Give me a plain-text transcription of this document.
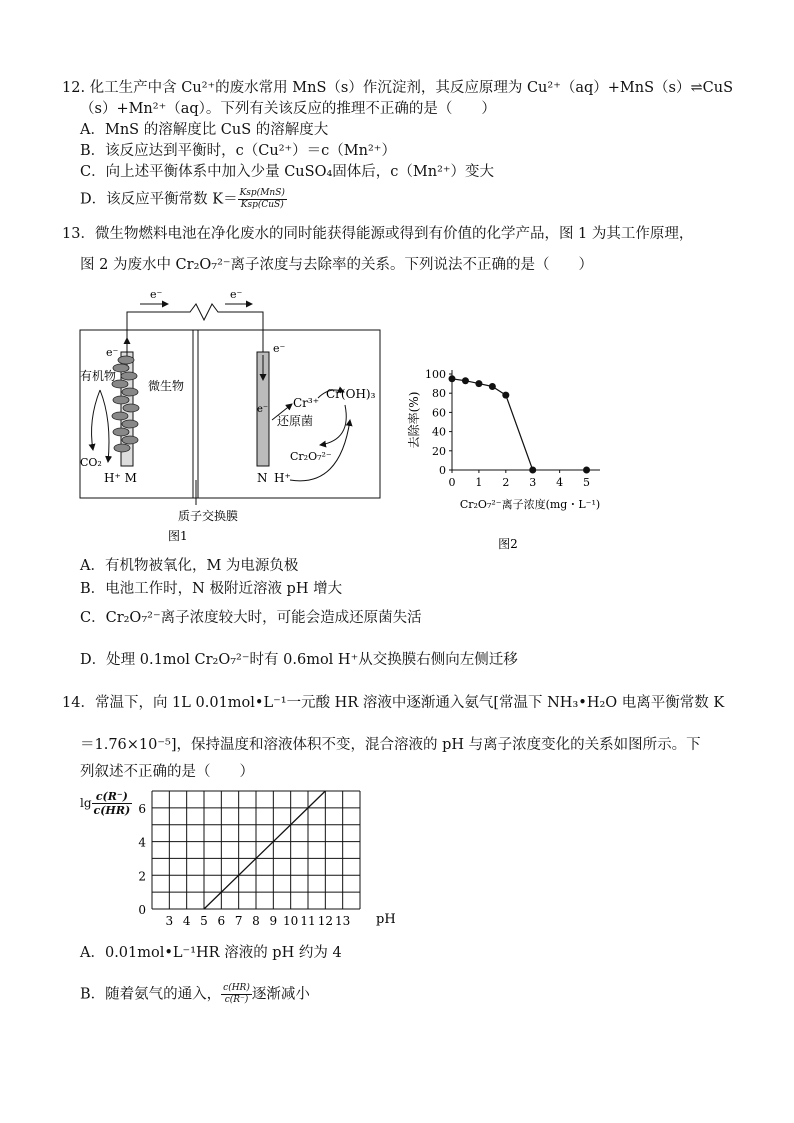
12. 化工生产中含 Cu²⁺的废水常用 MnS（s）作沉淀剂，其反应原理为 Cu²⁺（aq）+MnS（s）⇌CuS
（s）+Mn²⁺（aq）。下列有关该反应的推理不正确的是（　　）
A．MnS 的溶解度比 CuS 的溶解度大
B．该反应达到平衡时，c（Cu²⁺）＝c（Mn²⁺）
C．向上述平衡体系中加入少量 CuSO₄固体后，c（Mn²⁺）变大
D．该反应平衡常数 $K= \frac{\text{Ksp(MnS)}}{\text{Ksp(CuS)}}$
13．微生物燃料电池在净化废水的同时能获得能源或得到有价值的化学产品，图 1 为其工作原理，
图 2 为废水中 Cr₂O₇²⁻离子浓度与去除率的关系。下列说法不正确的是（　　）
e⁻	e⁻
e⁻
有机物
微生物
CO₂
H⁺ M
质子交换膜
图1
e⁻
e⁻ Cr³⁺
Cr(OH)₃
还原菌
Cr₂O₇²⁻
N H⁺
0
20
40
60
80
100
0 1 2 3 4 5
去除率(%)
Cr₂O₇²⁻离子浓度(mg・L⁻¹)
图2
A．有机物被氧化，M 为电源负极
B．电池工作时，N 极附近溶液 pH 增大
C．Cr₂O₇²⁻离子浓度较大时，可能会造成还原菌失活
D．处理 0.1mol Cr₂O₇²⁻时有 0.6mol H⁺从交换膜右侧向左侧迁移
14．常温下，向 1L 0.01mol•L⁻¹一元酸 HR 溶液中逐渐通入氨气[常温下 NH₃•H₂O 电离平衡常数 K
＝1.76×10⁻⁵]，保持温度和溶液体积不变，混合溶液的 pH 与离子浓度变化的关系如图所示。下
列叙述不正确的是（　　）
$\lg \frac{c(R^-)}{c(HR)}$
0
2
4
6
3 4 5 6 7 8 9 10 11 12 13 pH
A．0.01mol•L⁻¹HR 溶液的 pH 约为 4
B．随着氨气的通入， $\frac{c(HR)}{c(R^-)}$ 逐渐减小
